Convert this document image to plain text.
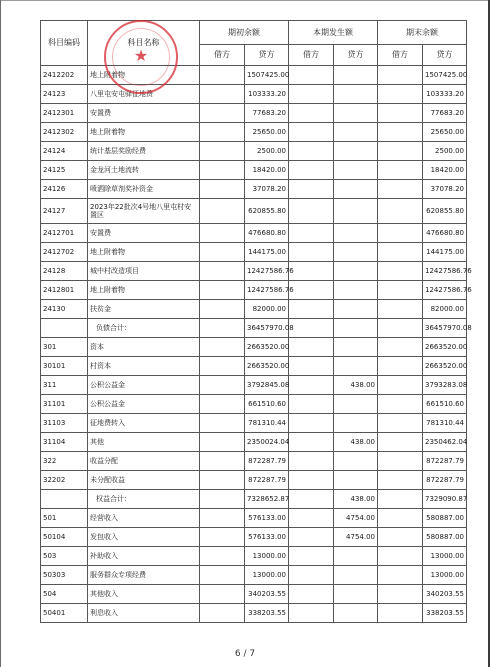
科目编码	科目名称	期初余额		本期发生额		期末余额	
		借方	贷方	借方	贷方	借方	贷方
2412202	地上附着物		1507425.00				1507425.00
24123	八里屯安屯驿征地费		103333.20				103333.20
2412301	安置费		77683.20				77683.20
2412302	地上附着物		25650.00				25650.00
24124	统计基层奖励经费		2500.00				2500.00
24125	金龙河土地流转		18420.00				18420.00
24126	喷洒除草剂奖补资金		37078.20				37078.20
24127	2023年22批次4号地八里屯村安置区		620855.80				620855.80
2412701	安置费		476680.80				476680.80
2412702	地上附着物		144175.00				144175.00
24128	城中村改造项目		12427586.76				12427586.76
2412801	地上附着物		12427586.76				12427586.76
24130	扶贫金		82000.00				82000.00
	负债合计：		36457970.08				36457970.08
301	资本		2663520.00				2663520.00
30101	村资本		2663520.00				2663520.00
311	公积公益金		3792845.08		438.00		3793283.08
31101	公积公益金		661510.60				661510.60
31103	征地费转入		781310.44				781310.44
31104	其他		2350024.04		438.00		2350462.04
322	收益分配		872287.79				872287.79
32202	未分配收益		872287.79				872287.79
	权益合计：		7328652.87		438.00		7329090.87
501	经营收入		576133.00		4754.00		580887.00
50104	发包收入		576133.00		4754.00		580887.00
503	补助收入		13000.00				13000.00
50303	服务群众专项经费		13000.00				13000.00
504	其他收入		340203.55				340203.55
50401	利息收入		338203.55				338203.55
★
6 / 7
